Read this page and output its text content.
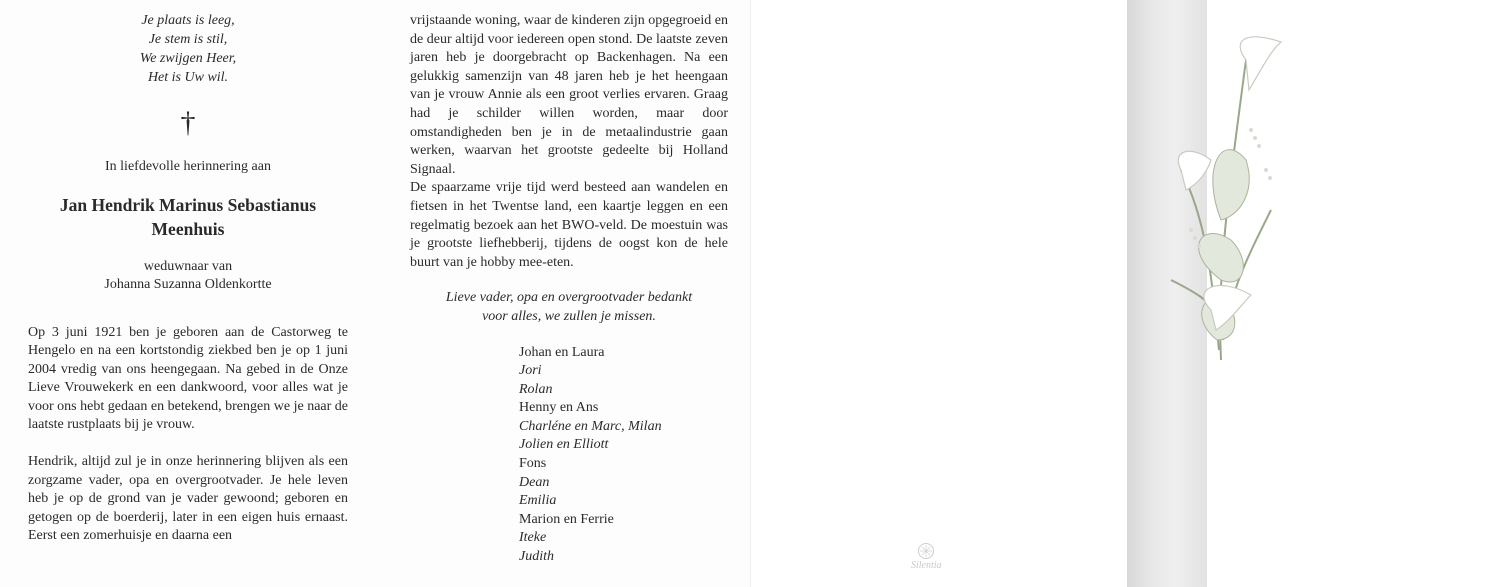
Je plaats is leeg,
Je stem is stil,
We zwijgen Heer,
Het is Uw wil.
†
In liefdevolle herinnering aan
Jan Hendrik Marinus Sebastianus
Meenhuis
weduwnaar van
Johanna Suzanna Oldenkortte

Op 3 juni 1921 ben je geboren aan de Castorweg te Hengelo en na een kortstondig ziekbed ben je op 1 juni 2004 vredig van ons heengegaan. Na gebed in de Onze Lieve Vrouwekerk en een dankwoord, voor alles wat je voor ons hebt gedaan en betekend, brengen we je naar de laatste rustplaats bij je vrouw.

Hendrik, altijd zul je in onze herinnering blijven als een zorgzame vader, opa en overgrootvader. Je hele leven heb je op de grond van je vader gewoond; geboren en getogen op de boerderij, later in een eigen huis ernaast. Eerst een zomerhuisje en daarna een

vrijstaande woning, waar de kinderen zijn opgegroeid en de deur altijd voor iedereen open stond. De laatste zeven jaren heb je doorgebracht op Backenhagen. Na een gelukkig samenzijn van 48 jaren heb je het heengaan van je vrouw Annie als een groot verlies ervaren. Graag had je schilder willen worden, maar door omstandigheden ben je in de metaalindustrie gaan werken, waarvan het grootste gedeelte bij Holland Signaal.

De spaarzame vrije tijd werd besteed aan wandelen en fietsen in het Twentse land, een kaartje leggen en een regelmatig bezoek aan het BWO-veld. De moestuin was je grootste liefhebberij, tijdens de oogst kon de hele buurt van je hobby mee-eten.

Lieve vader, opa en overgrootvader bedankt
voor alles, we zullen je missen.
Johan en Laura
Jori
Rolan
Henny en Ans
Charléne en Marc, Milan
Jolien en Elliott
Fons
Dean
Emilia
Marion en Ferrie
Iteke
Judith
Silentia
